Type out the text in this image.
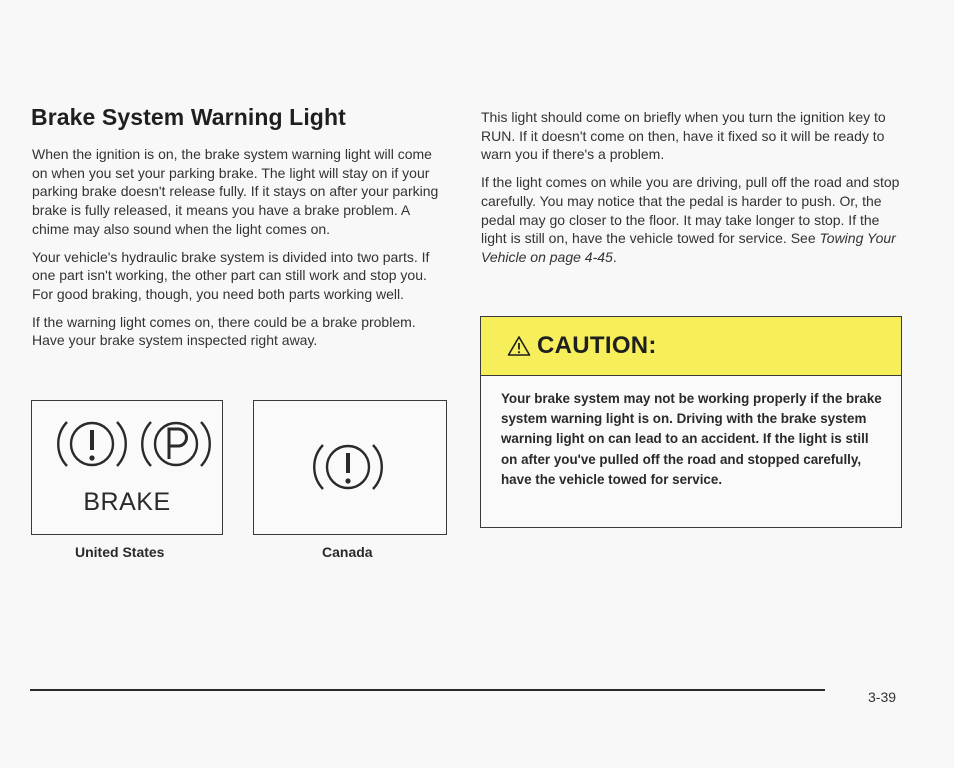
Brake System Warning Light

When the ignition is on, the brake system warning light will come on when you set your parking brake. The light will stay on if your parking brake doesn't release fully. If it stays on after your parking brake is fully released, it means you have a brake problem. A chime may also sound when the light comes on.

Your vehicle's hydraulic brake system is divided into two parts. If one part isn't working, the other part can still work and stop you. For good braking, though, you need both parts working well.

If the warning light comes on, there could be a brake problem. Have your brake system inspected right away.

BRAKE
United States	Canada

This light should come on briefly when you turn the ignition key to RUN. If it doesn't come on then, have it fixed so it will be ready to warn you if there's a problem.

If the light comes on while you are driving, pull off the road and stop carefully. You may notice that the pedal is harder to push. Or, the pedal may go closer to the floor. It may take longer to stop. If the light is still on, have the vehicle towed for service. See Towing Your Vehicle on page 4-45.

CAUTION:
Your brake system may not be working properly if the brake system warning light is on. Driving with the brake system warning light on can lead to an accident. If the light is still on after you've pulled off the road and stopped carefully, have the vehicle towed for service.
3-39
